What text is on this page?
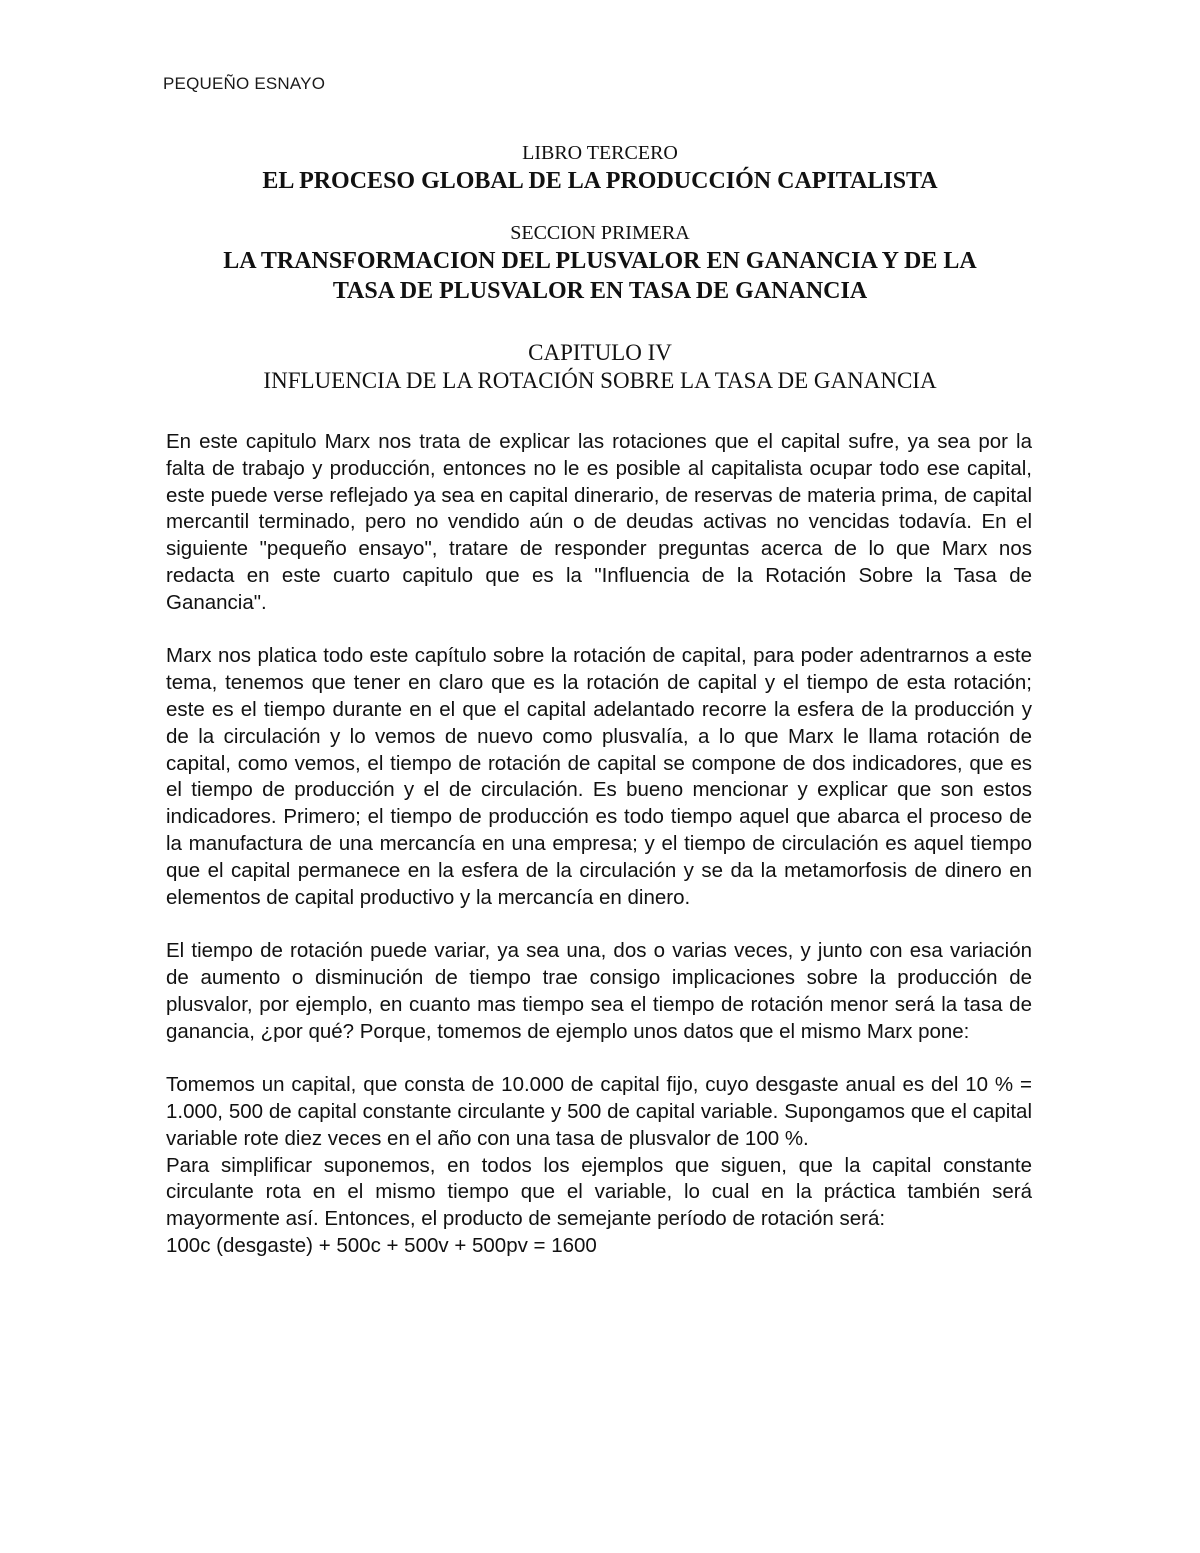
PEQUEÑO ESNAYO
LIBRO TERCERO
EL PROCESO GLOBAL DE LA PRODUCCIÓN CAPITALISTA
SECCION PRIMERA
LA TRANSFORMACION DEL PLUSVALOR EN GANANCIA Y DE LA
TASA DE PLUSVALOR EN TASA DE GANANCIA
CAPITULO IV
INFLUENCIA DE LA ROTACIÓN SOBRE LA TASA DE GANANCIA

En este capitulo Marx nos trata de explicar las rotaciones que el capital sufre, ya sea por la falta de trabajo y producción, entonces no le es posible al capitalista ocupar todo ese capital, este puede verse reflejado ya sea en capital dinerario, de reservas de materia prima, de capital mercantil terminado, pero no vendido aún o de deudas activas no vencidas todavía. En el siguiente "pequeño ensayo", tratare de responder preguntas acerca de lo que Marx nos redacta en este cuarto capitulo que es la "Influencia de la Rotación Sobre la Tasa de Ganancia".

Marx nos platica todo este capítulo sobre la rotación de capital, para poder adentrarnos a este tema, tenemos que tener en claro que es la rotación de capital y el tiempo de esta rotación; este es el tiempo durante en el que el capital adelantado recorre la esfera de la producción y de la circulación y lo vemos de nuevo como plusvalía, a lo que Marx le llama rotación de capital, como vemos, el tiempo de rotación de capital se compone de dos indicadores, que es el tiempo de producción y el de circulación. Es bueno mencionar y explicar que son estos indicadores. Primero; el tiempo de producción es todo tiempo aquel que abarca el proceso de la manufactura de una mercancía en una empresa; y el tiempo de circulación es aquel tiempo que el capital permanece en la esfera de la circulación y se da la metamorfosis de dinero en elementos de capital productivo y la mercancía en dinero.

El tiempo de rotación puede variar, ya sea una, dos o varias veces, y junto con esa variación de aumento o disminución de tiempo trae consigo implicaciones sobre la producción de plusvalor, por ejemplo, en cuanto mas tiempo sea el tiempo de rotación menor será la tasa de ganancia, ¿por qué? Porque, tomemos de ejemplo unos datos que el mismo Marx pone:

Tomemos un capital, que consta de 10.000 de capital fijo, cuyo desgaste anual es del 10 % = 1.000, 500 de capital constante circulante y 500 de capital variable. Supongamos que el capital variable rote diez veces en el año con una tasa de plusvalor de 100 %.

Para simplificar suponemos, en todos los ejemplos que siguen, que la capital constante circulante rota en el mismo tiempo que el variable, lo cual en la práctica también será mayormente así. Entonces, el producto de semejante período de rotación será:

100c (desgaste) + 500c + 500v + 500pv = 1600
